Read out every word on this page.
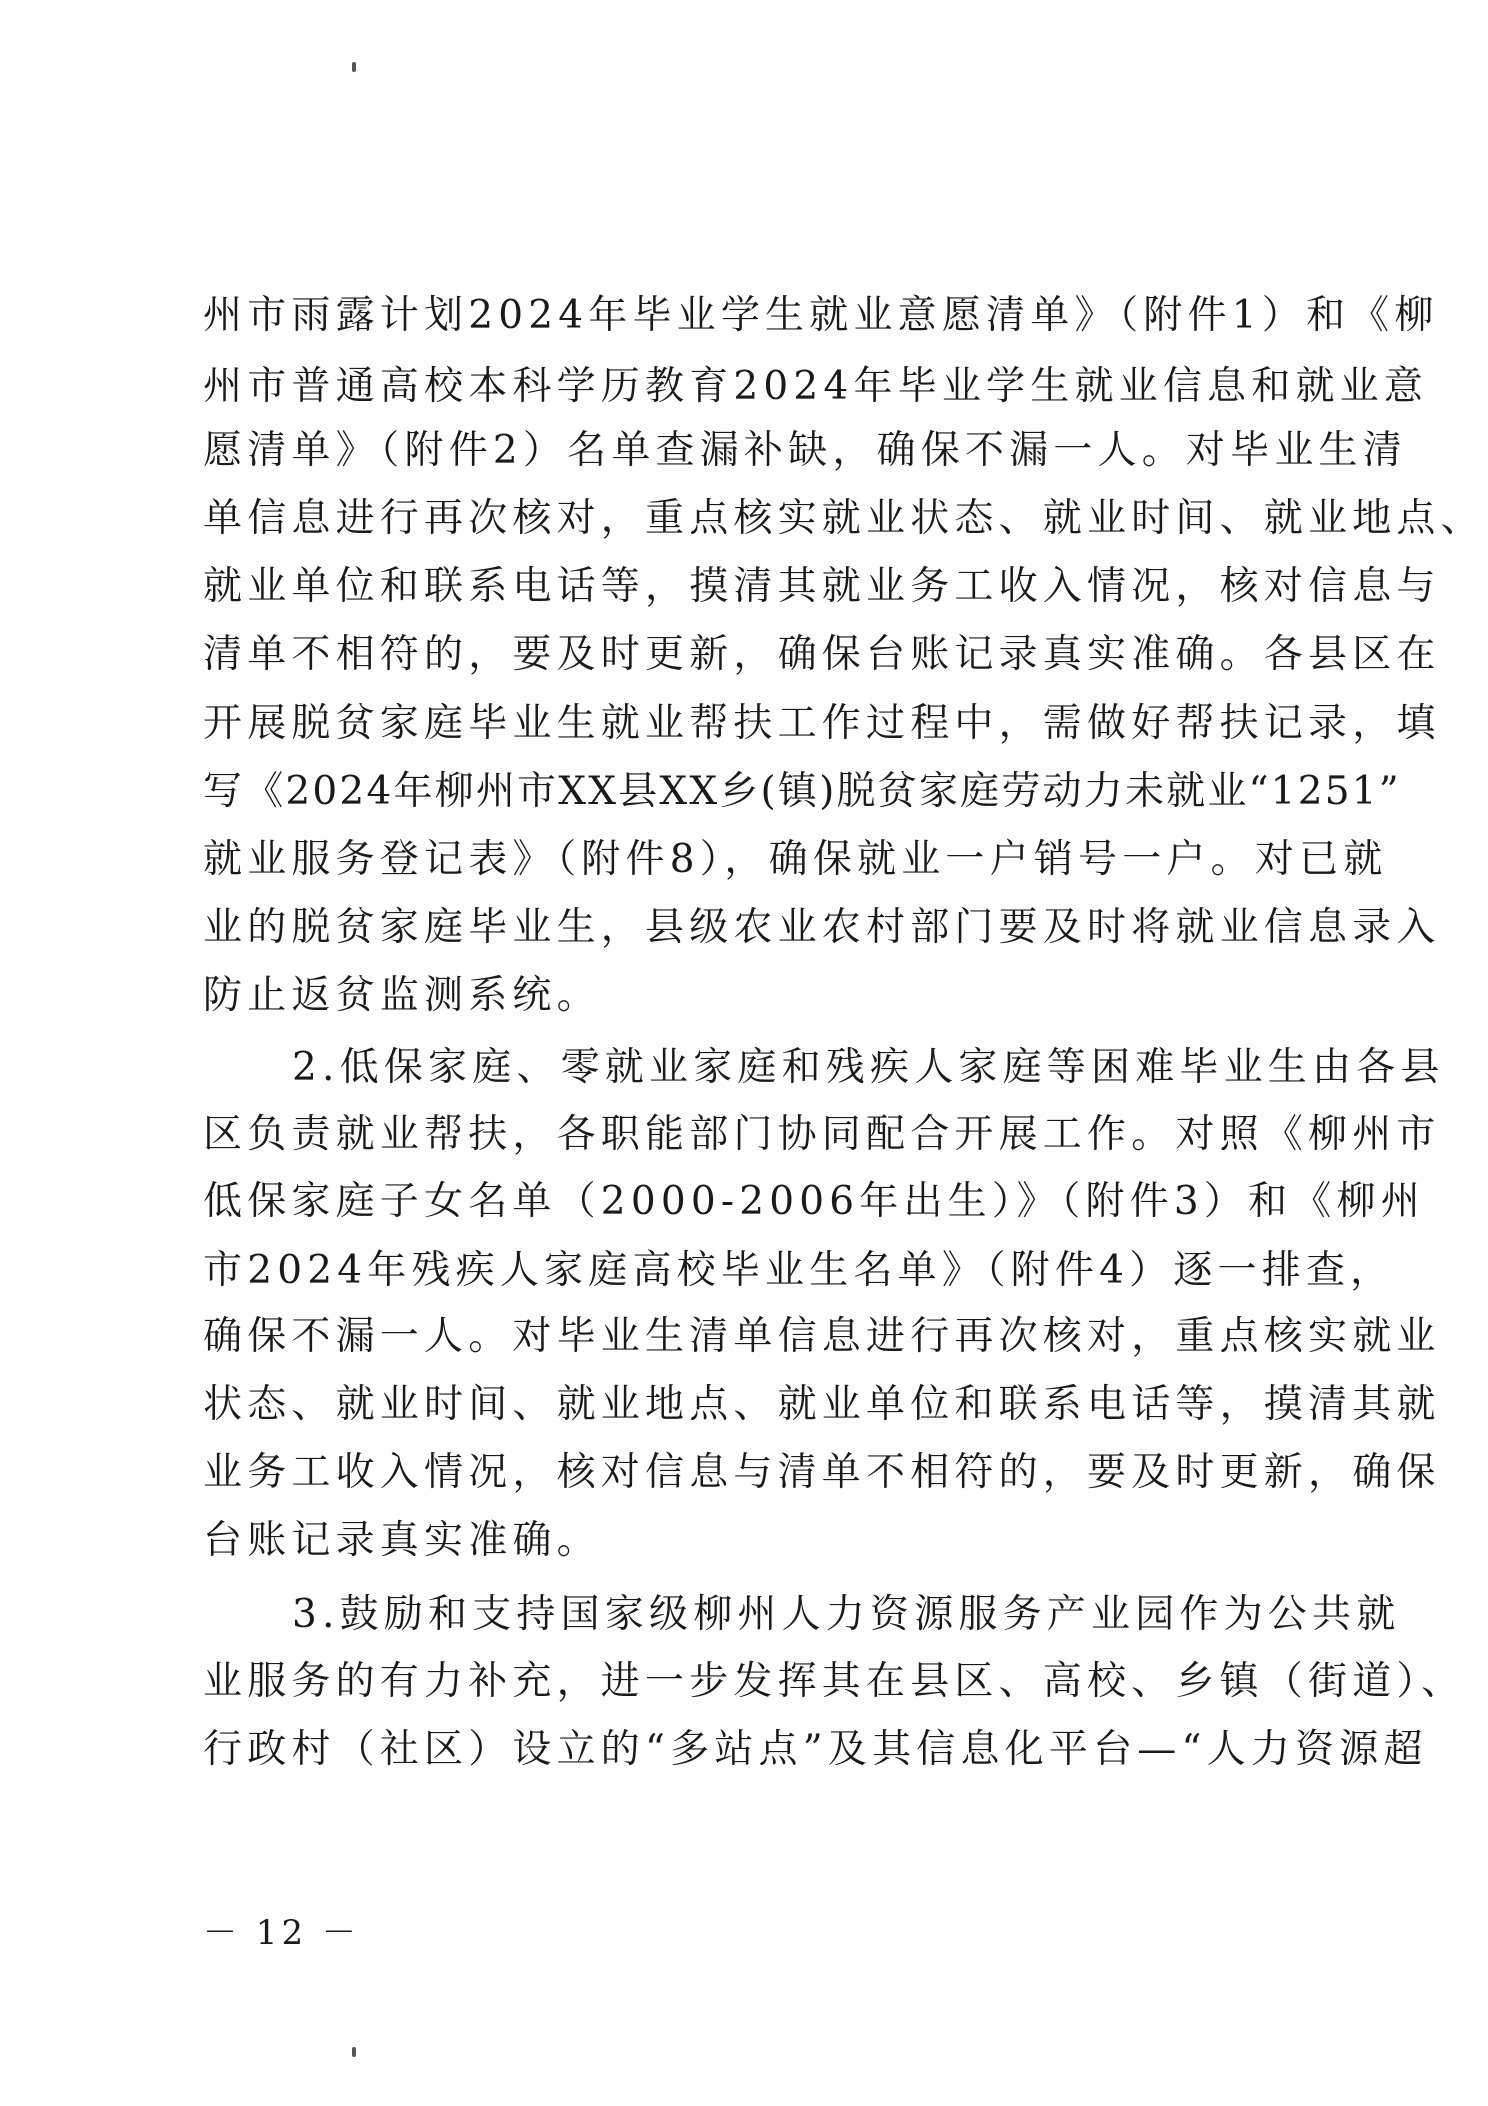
州市雨露计划2024年毕业学生就业意愿清单》（附件1）和《柳
州市普通高校本科学历教育2024年毕业学生就业信息和就业意
愿清单》（附件2）名单查漏补缺，确保不漏一人。对毕业生清
单信息进行再次核对，重点核实就业状态、就业时间、就业地点、
就业单位和联系电话等，摸清其就业务工收入情况，核对信息与
清单不相符的，要及时更新，确保台账记录真实准确。各县区在
开展脱贫家庭毕业生就业帮扶工作过程中，需做好帮扶记录，填
写《2024年柳州市XX县XX乡(镇)脱贫家庭劳动力未就业“1251”
就业服务登记表》（附件8），确保就业一户销号一户。对已就
业的脱贫家庭毕业生，县级农业农村部门要及时将就业信息录入
防止返贫监测系统。
2.低保家庭、零就业家庭和残疾人家庭等困难毕业生由各县
区负责就业帮扶，各职能部门协同配合开展工作。对照《柳州市
低保家庭子女名单（2000-2006年出生）》（附件3）和《柳州
市2024年残疾人家庭高校毕业生名单》（附件4）逐一排查，
确保不漏一人。对毕业生清单信息进行再次核对，重点核实就业
状态、就业时间、就业地点、就业单位和联系电话等，摸清其就
业务工收入情况，核对信息与清单不相符的，要及时更新，确保
台账记录真实准确。
3.鼓励和支持国家级柳州人力资源服务产业园作为公共就
业服务的有力补充，进一步发挥其在县区、高校、乡镇（街道）、
行政村（社区）设立的“多站点”及其信息化平台—“人力资源超
－ 12 －
